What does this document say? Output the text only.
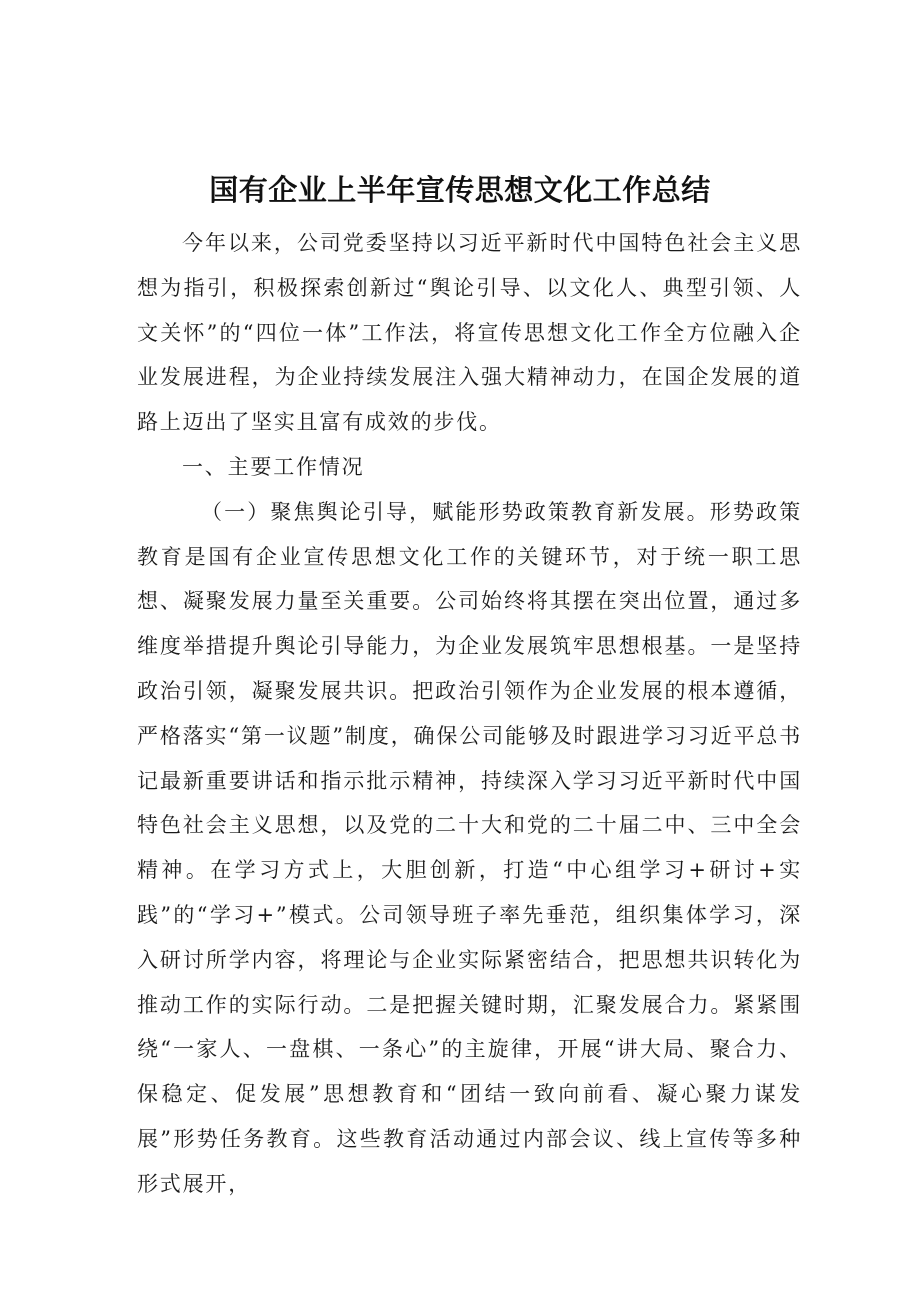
国有企业上半年宣传思想文化工作总结

今年以来，公司党委坚持以习近平新时代中国特色社会主义思想为指引，积极探索创新过“舆论引导、以文化人、典型引领、人文关怀”的“四位一体”工作法，将宣传思想文化工作全方位融入企业发展进程，为企业持续发展注入强大精神动力，在国企发展的道路上迈出了坚实且富有成效的步伐。

一、主要工作情况

（一）聚焦舆论引导，赋能形势政策教育新发展。形势政策教育是国有企业宣传思想文化工作的关键环节，对于统一职工思想、凝聚发展力量至关重要。公司始终将其摆在突出位置，通过多维度举措提升舆论引导能力，为企业发展筑牢思想根基。一是坚持政治引领，凝聚发展共识。把政治引领作为企业发展的根本遵循，严格落实“第一议题”制度，确保公司能够及时跟进学习习近平总书记最新重要讲话和指示批示精神，持续深入学习习近平新时代中国特色社会主义思想，以及党的二十大和党的二十届二中、三中全会精神。在学习方式上，大胆创新，打造“中心组学习+研讨+实践”的“学习+”模式。公司领导班子率先垂范，组织集体学习，深入研讨所学内容，将理论与企业实际紧密结合，把思想共识转化为推动工作的实际行动。二是把握关键时期，汇聚发展合力。紧紧围绕“一家人、一盘棋、一条心”的主旋律，开展“讲大局、聚合力、保稳定、促发展”思想教育和“团结一致向前看、凝心聚力谋发展”形势任务教育。这些教育活动通过内部会议、线上宣传等多种形式展开，
